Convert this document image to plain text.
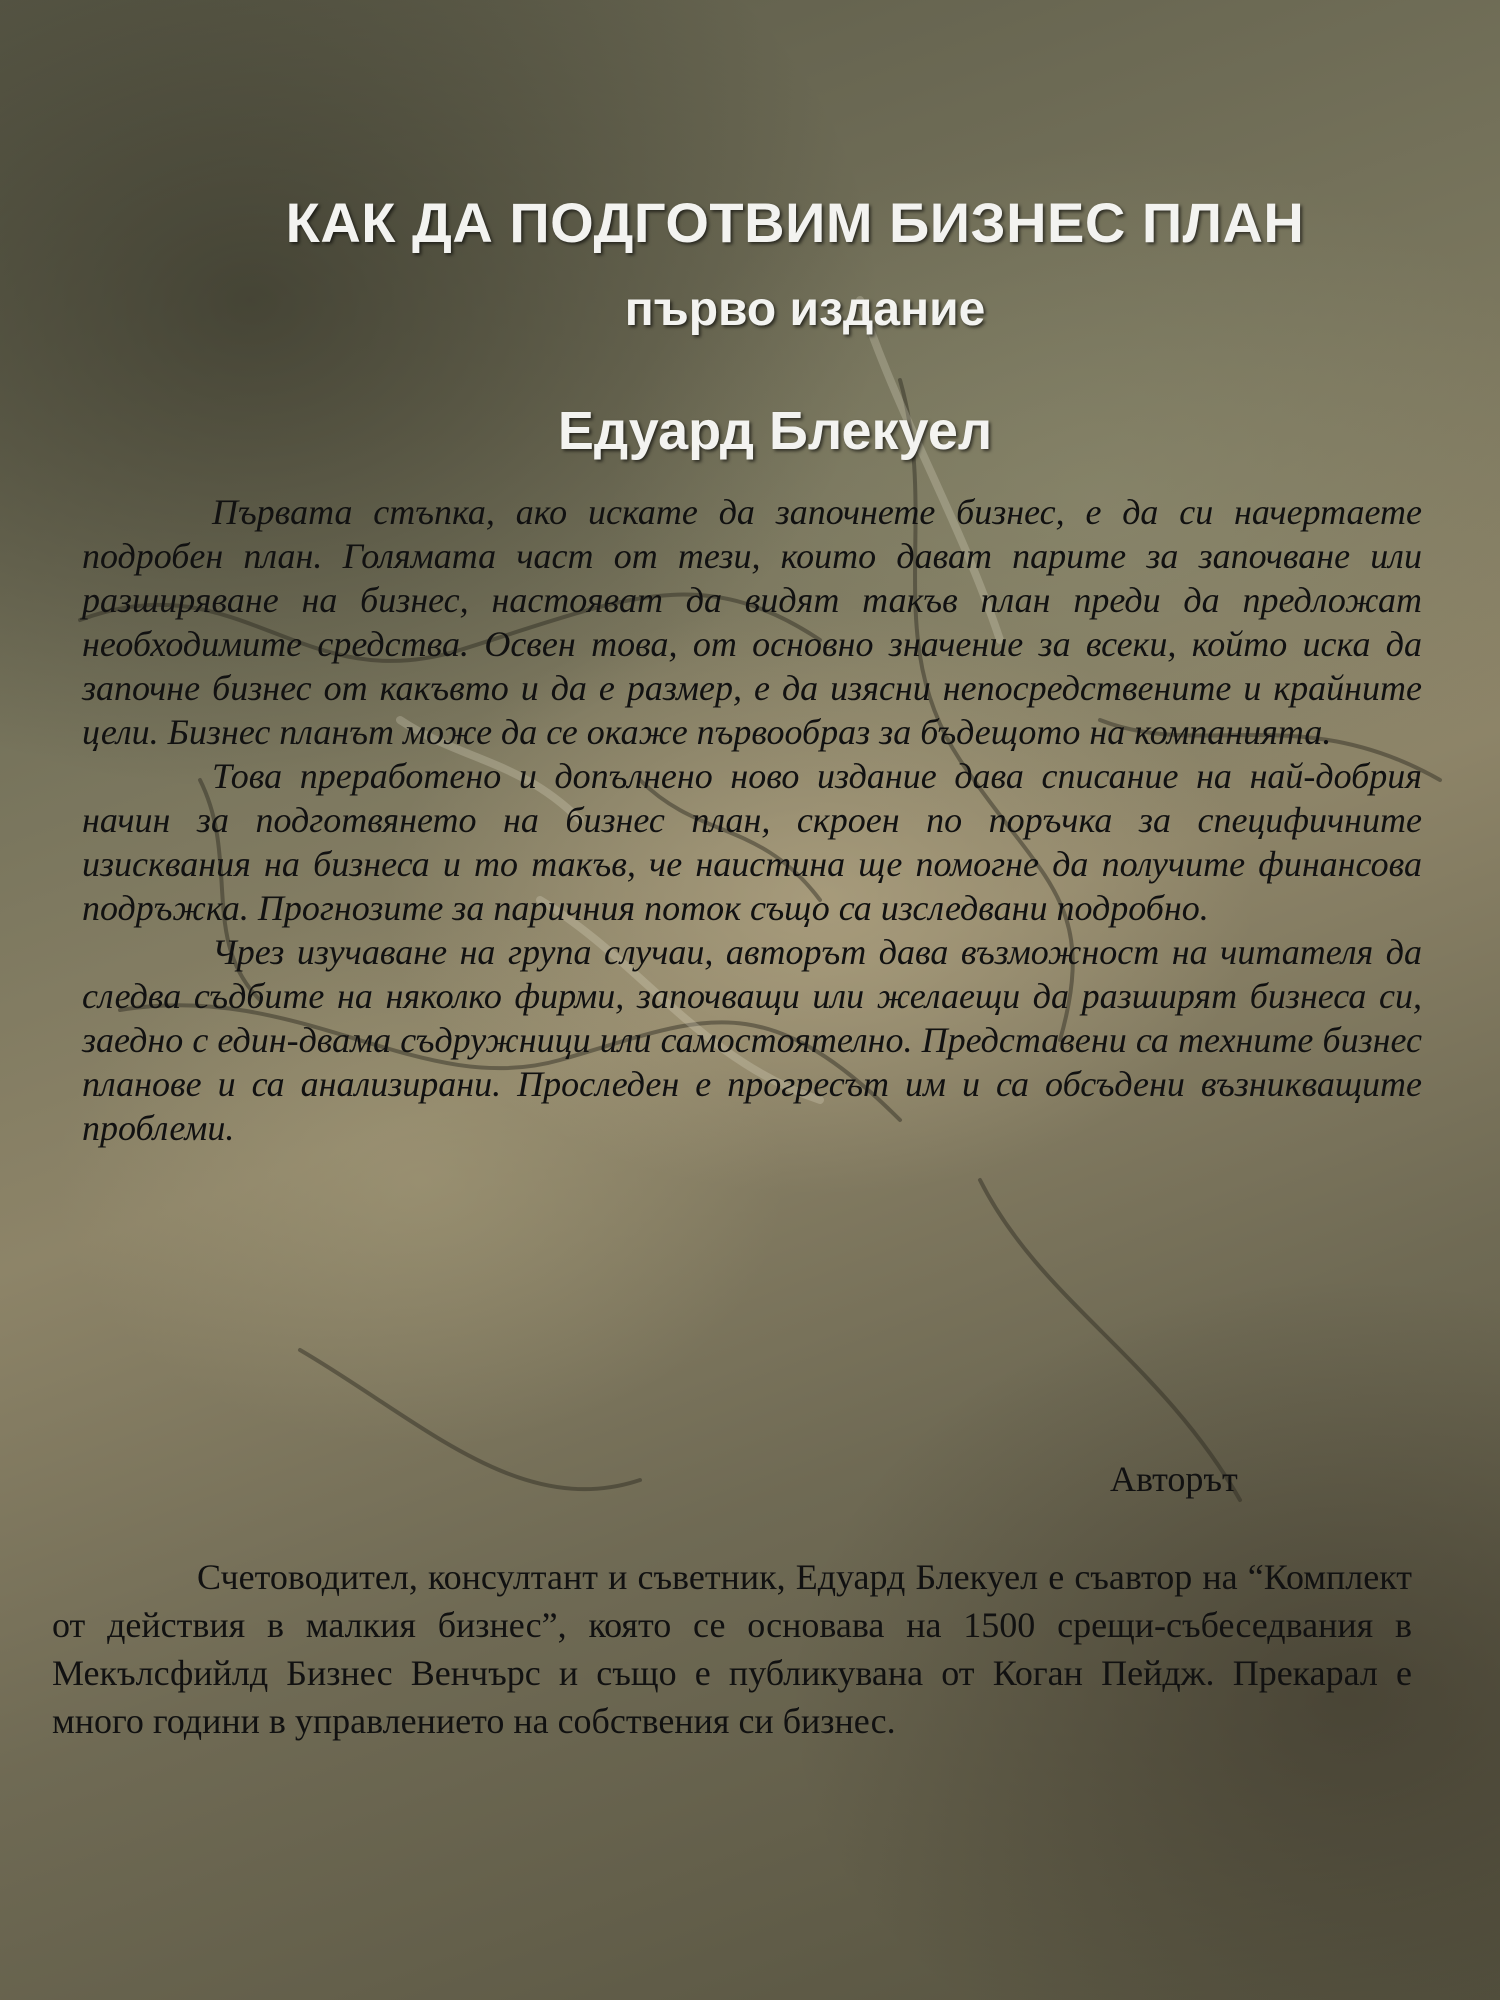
КАК ДА ПОДГОТВИМ БИЗНЕС ПЛАН
първо издание
Едуард Блекуел

Първата стъпка, ако искате да започнете бизнес, е да си начертаете подробен план. Голямата част от тези, които дават парите за започване или разширяване на бизнес, настояват да видят такъв план преди да предложат необходимите средства. Освен това, от основно значение за всеки, който иска да започне бизнес от какъвто и да е размер, е да изясни непосредствените и крайните цели. Бизнес планът може да се окаже първообраз за бъдещото на компанията.

Това преработено и допълнено ново издание дава списание на най-добрия начин за подготвянето на бизнес план, скроен по поръчка за специфичните изисквания на бизнеса и то такъв, че наистина ще помогне да получите финансова подръжка. Прогнозите за паричния поток също са изследвани подробно.

Чрез изучаване на група случаи, авторът дава възможност на читателя да следва съдбите на няколко фирми, започващи или желаещи да разширят бизнеса си, заедно с един-двама съдружници или самостоятелно. Представени са техните бизнес планове и са анализирани. Проследен е прогресът им и са обсъдени възникващите проблеми.

Авторът

Счетоводител, консултант и съветник, Едуард Блекуел е съавтор на “Комплект от действия в малкия бизнес”, която се основава на 1500 срещи-събеседвания в Мекълсфийлд Бизнес Венчърс и също е публикувана от Коган Пейдж. Прекарал е много години в управлението на собствения си бизнес.
